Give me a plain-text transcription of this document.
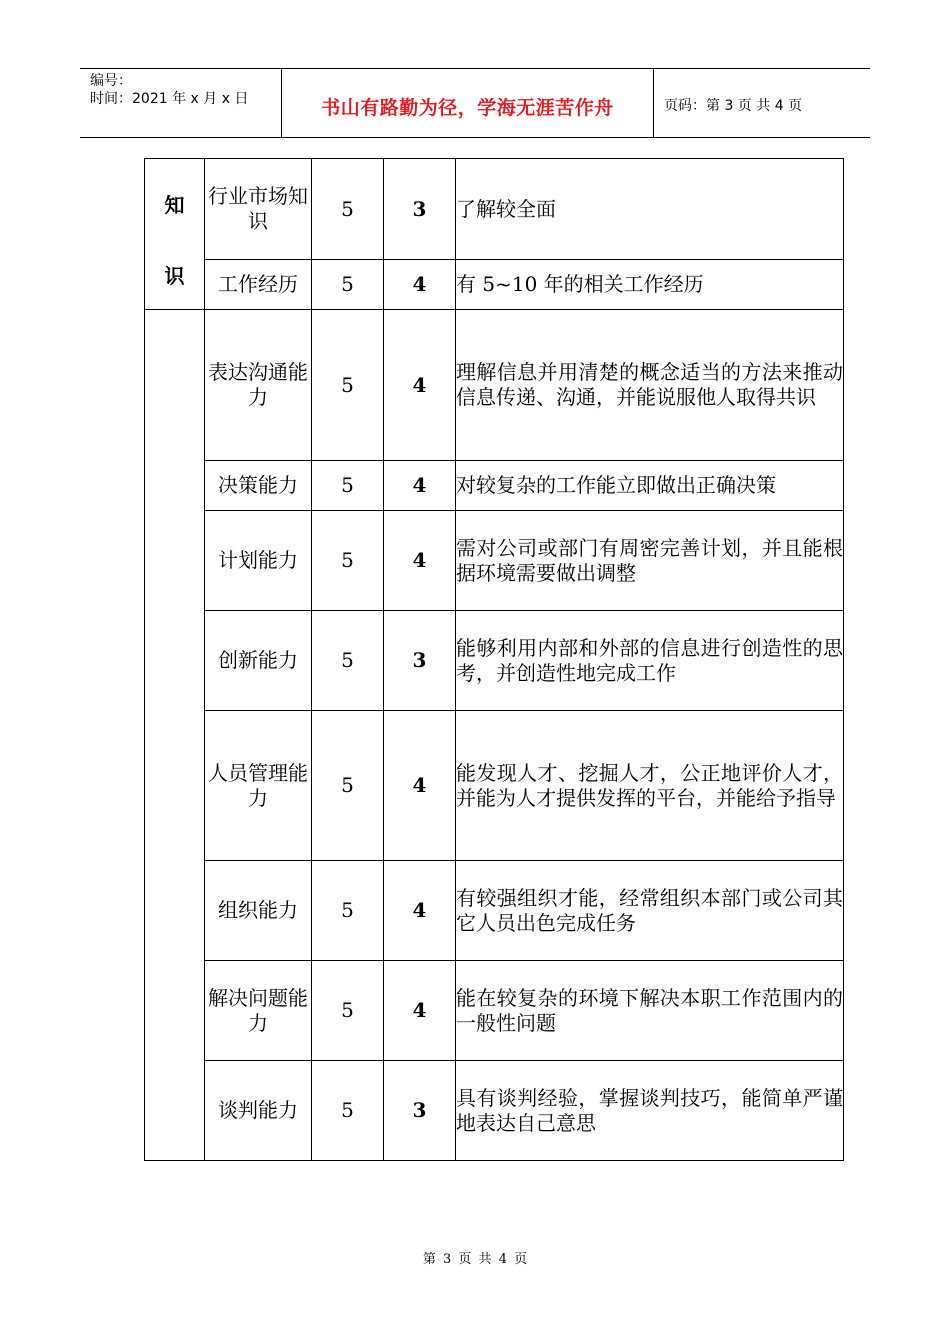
编号：
时间：2021 年 x 月 x 日	书山有路勤为径，学海无涯苦作舟	页码：第 3 页 共 4 页
知
识	行业市场知识	5	3	了解较全面
	工作经历	5	4	有 5~10 年的相关工作经历
	表达沟通能力	5	4	理解信息并用清楚的概念适当的方法来推动信息传递、沟通，并能说服他人取得共识
	决策能力	5	4	对较复杂的工作能立即做出正确决策
	计划能力	5	4	需对公司或部门有周密完善计划，并且能根据环境需要做出调整
	创新能力	5	3	能够利用内部和外部的信息进行创造性的思考，并创造性地完成工作
	人员管理能力	5	4	能发现人才、挖掘人才，公正地评价人才，并能为人才提供发挥的平台，并能给予指导
	组织能力	5	4	有较强组织才能，经常组织本部门或公司其它人员出色完成任务
	解决问题能力	5	4	能在较复杂的环境下解决本职工作范围内的一般性问题
	谈判能力	5	3	具有谈判经验，掌握谈判技巧，能简单严谨地表达自己意思
第 3 页 共 4 页
